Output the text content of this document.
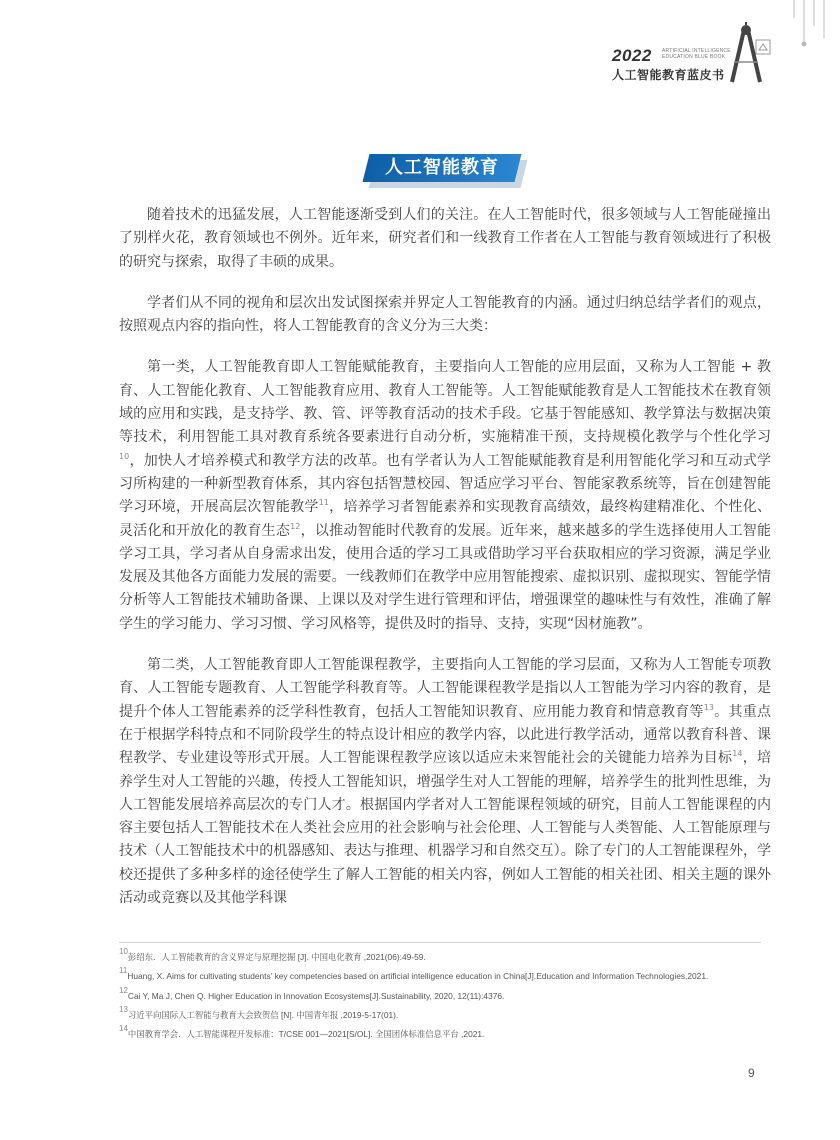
2022 ARTIFICIAL INTELLIGENCE EDUCATION BLUE BOOK
人工智能教育蓝皮书
人工智能教育

随着技术的迅猛发展，人工智能逐渐受到人们的关注。在人工智能时代，很多领域与人工智能碰撞出了别样火花，教育领域也不例外。近年来，研究者们和一线教育工作者在人工智能与教育领域进行了积极的研究与探索，取得了丰硕的成果。

学者们从不同的视角和层次出发试图探索并界定人工智能教育的内涵。通过归纳总结学者们的观点，按照观点内容的指向性，将人工智能教育的含义分为三大类：

第一类，人工智能教育即人工智能赋能教育，主要指向人工智能的应用层面，又称为人工智能 + 教育、人工智能化教育、人工智能教育应用、教育人工智能等。人工智能赋能教育是人工智能技术在教育领域的应用和实践，是支持学、教、管、评等教育活动的技术手段。它基于智能感知、教学算法与数据决策等技术，利用智能工具对教育系统各要素进行自动分析，实施精准干预，支持规模化教学与个性化学习$^{10}$，加快人才培养模式和教学方法的改革。也有学者认为人工智能赋能教育是利用智能化学习和互动式学习所构建的一种新型教育体系，其内容包括智慧校园、智适应学习平台、智能家教系统等，旨在创建智能学习环境，开展高层次智能教学$^{11}$，培养学习者智能素养和实现教育高绩效，最终构建精准化、个性化、灵活化和开放化的教育生态$^{12}$，以推动智能时代教育的发展。近年来，越来越多的学生选择使用人工智能学习工具，学习者从自身需求出发，使用合适的学习工具或借助学习平台获取相应的学习资源，满足学业发展及其他各方面能力发展的需要。一线教师们在教学中应用智能搜索、虚拟识别、虚拟现实、智能学情分析等人工智能技术辅助备课、上课以及对学生进行管理和评估，增强课堂的趣味性与有效性，准确了解学生的学习能力、学习习惯、学习风格等，提供及时的指导、支持，实现“因材施教”。

第二类，人工智能教育即人工智能课程教学，主要指向人工智能的学习层面，又称为人工智能专项教育、人工智能专题教育、人工智能学科教育等。人工智能课程教学是指以人工智能为学习内容的教育，是提升个体人工智能素养的泛学科性教育，包括人工智能知识教育、应用能力教育和情意教育等$^{13}$。其重点在于根据学科特点和不同阶段学生的特点设计相应的教学内容，以此进行教学活动，通常以教育科普、课程教学、专业建设等形式开展。人工智能课程教学应该以适应未来智能社会的关键能力培养为目标$^{14}$，培养学生对人工智能的兴趣，传授人工智能知识，增强学生对人工智能的理解，培养学生的批判性思维，为人工智能发展培养高层次的专门人才。根据国内学者对人工智能课程领域的研究，目前人工智能课程的内容主要包括人工智能技术在人类社会应用的社会影响与社会伦理、人工智能与人类智能、人工智能原理与技术（人工智能技术中的机器感知、表达与推理、机器学习和自然交互）。除了专门的人工智能课程外，学校还提供了多种多样的途径使学生了解人工智能的相关内容，例如人工智能的相关社团、相关主题的课外活动或竞赛以及其他学科课

$^{10}$彭绍东．人工智能教育的含义界定与原理挖掘 [J]. 中国电化教育 ,2021(06):49-59.
$^{11}$Huang, X. Aims for cultivating students’ key competencies based on artificial intelligence education in China[J].Education and Information Technologies,2021.
$^{12}$Cai Y, Ma J, Chen Q. Higher Education in Innovation Ecosystems[J].Sustainability, 2020, 12(11):4376.
$^{13}$习近平向国际人工智能与教育大会致贺信 [N]. 中国青年报 ,2019-5-17(01).
$^{14}$中国教育学会．人工智能课程开发标准：T/CSE 001—2021[S/OL]. 全国团体标准信息平台 ,2021.
9
